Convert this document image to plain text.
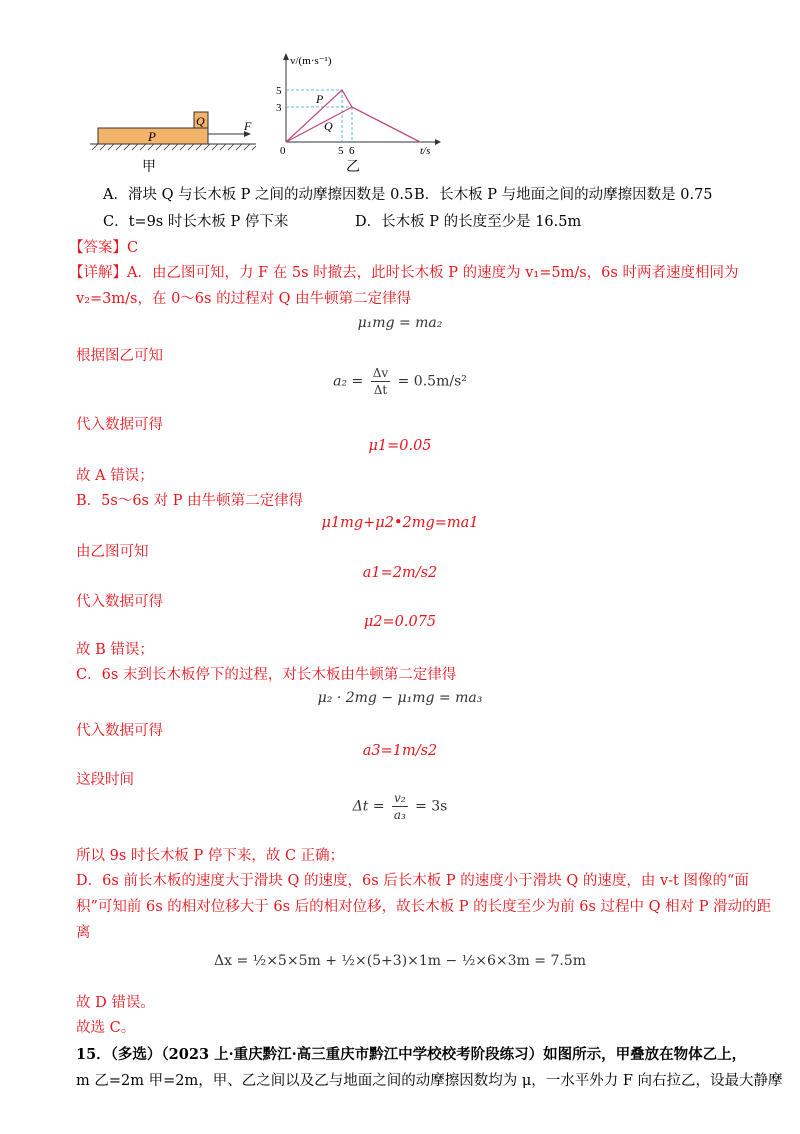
P
Q	F
甲
v/(m·s⁻¹)
t/s
5
3
0	5 6
P
Q
乙
A．滑块 Q 与长木板 P 之间的动摩擦因数是 0.5 B．长木板 P 与地面之间的动摩擦因数是 0.75
C．t=9s 时长木板 P 停下来	D．长木板 P 的长度至少是 16.5m
【答案】C
【详解】A．由乙图可知，力 F 在 5s 时撤去，此时长木板 P 的速度为 v₁=5m/s，6s 时两者速度相同为
v₂=3m/s，在 0～6s 的过程对 Q 由牛顿第二定律得
μ₁mg = ma₂
根据图乙可知
$a_2 = \frac{\Delta v}{\Delta t} = 0.5m/s^2$
代入数据可得
μ1=0.05
故 A 错误；
B．5s～6s 对 P 由牛顿第二定律得
μ1mg+μ2•2mg=ma1
由乙图可知
a1=2m/s2
代入数据可得
μ2=0.075
故 B 错误；
C．6s 末到长木板停下的过程，对长木板由牛顿第二定律得
μ₂ · 2mg − μ₁mg = ma₃
代入数据可得
a3=1m/s2
这段时间
$\Delta t = \frac{\text{v₂}}{\text{a₃}} = 3s$
所以 9s 时长木板 P 停下来，故 C 正确；
D．6s 前长木板的速度大于滑块 Q 的速度，6s 后长木板 P 的速度小于滑块 Q 的速度，由 v-t 图像的“面
积”可知前 6s 的相对位移大于 6s 后的相对位移，故长木板 P 的长度至少为前 6s 过程中 Q 相对 P 滑动的距
离
Δx = ½×5×5m + ½×(5+3)×1m − ½×6×3m = 7.5m
故 D 错误。
故选 C。
15．（多选）（2023 上·重庆黔江·高三重庆市黔江中学校校考阶段练习）如图所示，甲叠放在物体乙上，
m 乙=2m 甲=2m，甲、乙之间以及乙与地面之间的动摩擦因数均为 μ，一水平外力 F 向右拉乙，设最大静摩
